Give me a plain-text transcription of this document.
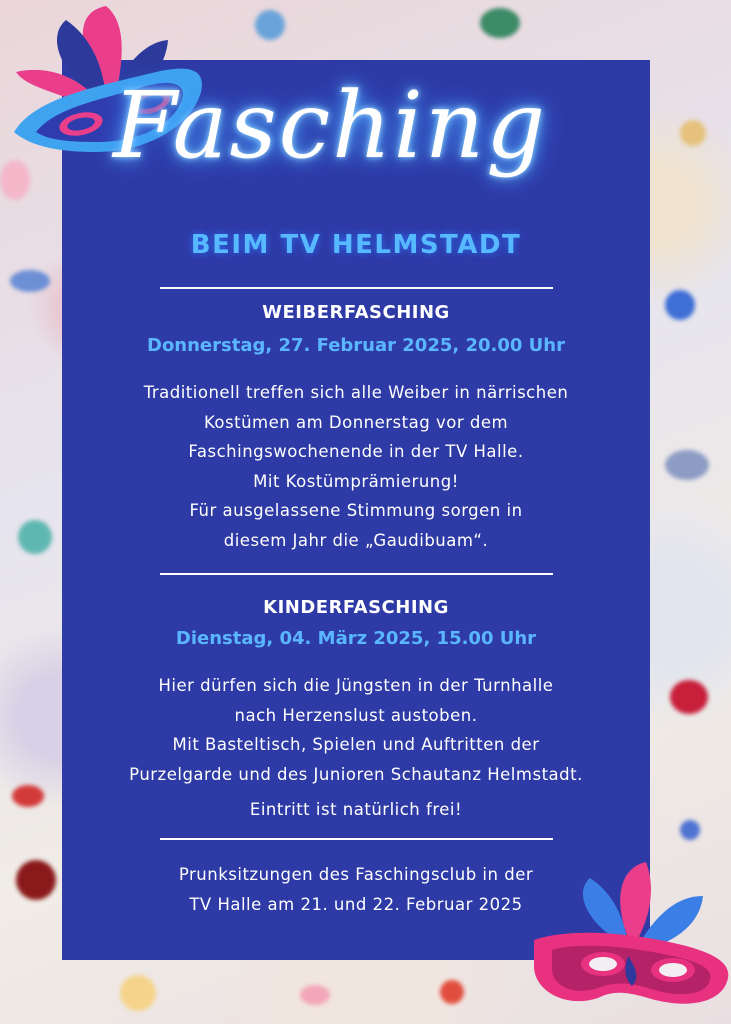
Fasching
BEIM TV HELMSTADT
WEIBERFASCHING
Donnerstag, 27. Februar 2025, 20.00 Uhr
Traditionell treffen sich alle Weiber in närrischen
Kostümen am Donnerstag vor dem
Faschingswochenende in der TV Halle.
Mit Kostümprämierung!
Für ausgelassene Stimmung sorgen in
diesem Jahr die „Gaudibuam“.
KINDERFASCHING
Dienstag, 04. März 2025, 15.00 Uhr
Hier dürfen sich die Jüngsten in der Turnhalle
nach Herzenslust austoben.
Mit Basteltisch, Spielen und Auftritten der
Purzelgarde und des Junioren Schautanz Helmstadt.
Eintritt ist natürlich frei!
Prunksitzungen des Faschingsclub in der
TV Halle am 21. und 22. Februar 2025
